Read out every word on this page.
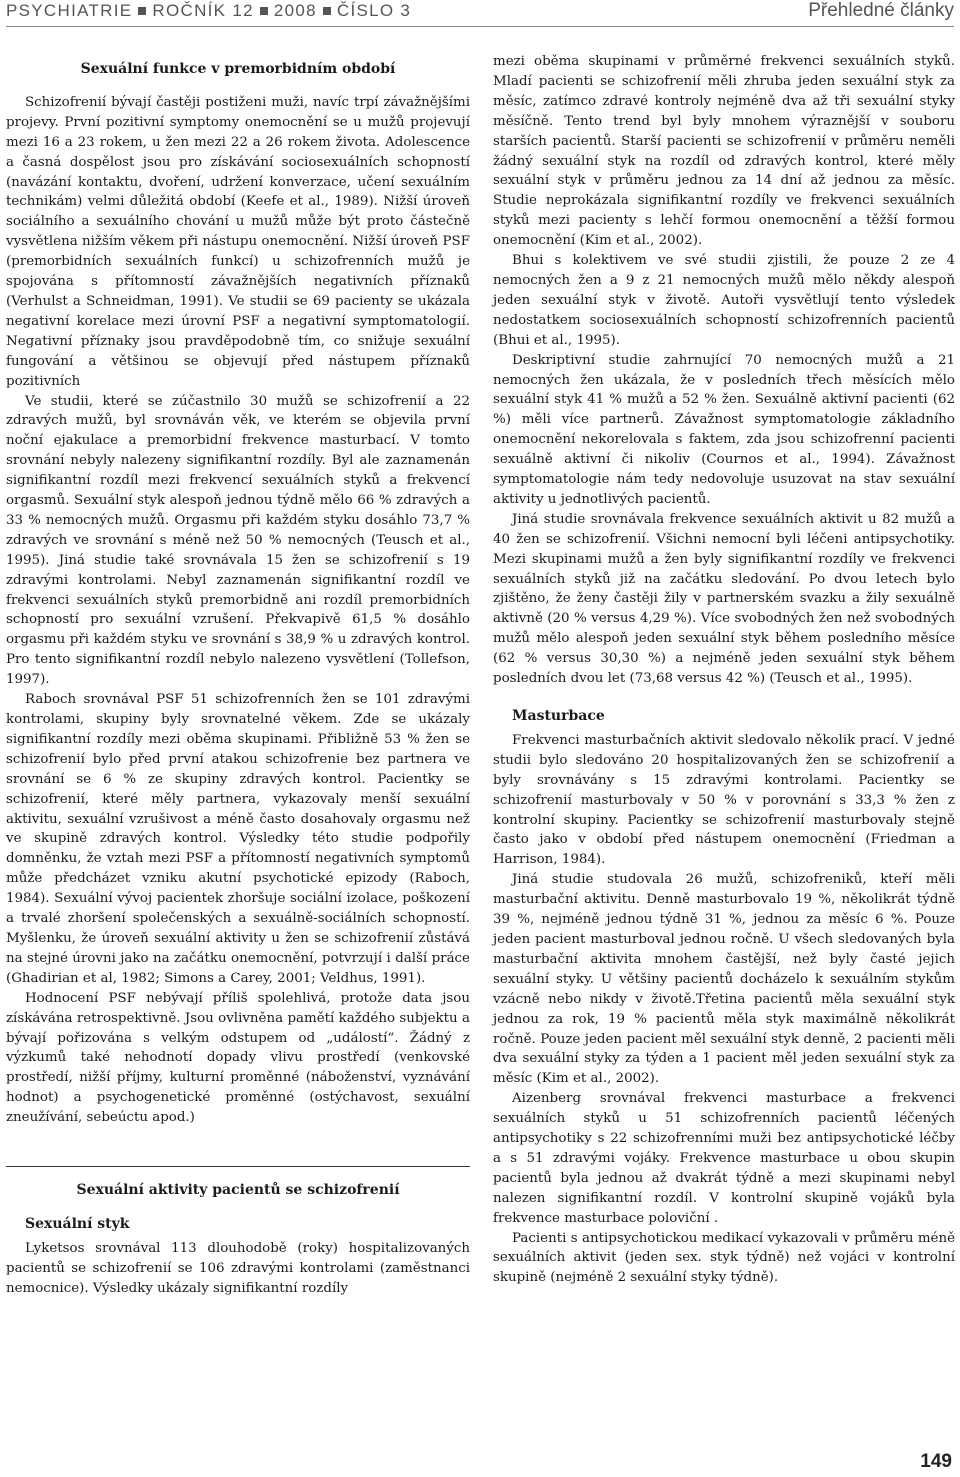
PSYCHIATRIE ROČNÍK 12 2008 ČÍSLO 3	Přehledné články
Sexuální funkce v premorbidním období

Schizofrenií bývají častěji postiženi muži, navíc trpí závažnějšími projevy. První pozitivní symptomy onemocnění se u mužů projevují mezi 16 a 23 rokem, u žen mezi 22 a 26 rokem života. Adolescence a časná dospělost jsou pro získávání sociosexuálních schopností (navázání kontaktu, dvoření, udržení konverzace, učení sexuálním technikám) velmi důležitá období (Keefe et al., 1989). Nižší úroveň sociálního a sexuálního chování u mužů může být proto částečně vysvětlena nižším věkem při nástupu onemocnění. Nižší úroveň PSF (premorbidních sexuálních funkcí) u schizofrenních mužů je spojována s přítomností závažnějších negativních příznaků (Verhulst a Schneidman, 1991). Ve studii se 69 pacienty se ukázala negativní korelace mezi úrovní PSF a negativní symptomatologií. Negativní příznaky jsou pravděpodobně tím, co snižuje sexuální fungování a většinou se objevují před nástupem příznaků pozitivních

Ve studii, které se zúčastnilo 30 mužů se schizofrenií a 22 zdravých mužů, byl srovnáván věk, ve kterém se objevila první noční ejakulace a premorbidní frekvence masturbací. V tomto srovnání nebyly nalezeny signifikantní rozdíly. Byl ale zaznamenán signifikantní rozdíl mezi frekvencí sexuálních styků a frekvencí orgasmů. Sexuální styk alespoň jednou týdně mělo 66 % zdravých a 33 % nemocných mužů. Orgasmu při každém styku dosáhlo 73,7 % zdravých ve srovnání s méně než 50 % nemocných (Teusch et al., 1995). Jiná studie také srovnávala 15 žen se schizofrenií s 19 zdravými kontrolami. Nebyl zaznamenán signifikantní rozdíl ve frekvenci sexuálních styků premorbidně ani rozdíl premorbidních schopností pro sexuální vzrušení. Překvapivě 61,5 % dosáhlo orgasmu při každém styku ve srovnání s 38,9 % u zdravých kontrol. Pro tento signifikantní rozdíl nebylo nalezeno vysvětlení (Tollefson, 1997).

Raboch srovnával PSF 51 schizofrenních žen se 101 zdravými kontrolami, skupiny byly srovnatelné věkem. Zde se ukázaly signifikantní rozdíly mezi oběma skupinami. Přibližně 53 % žen se schizofrenií bylo před první atakou schizofrenie bez partnera ve srovnání se 6 % ze skupiny zdravých kontrol. Pacientky se schizofrenií, které měly partnera, vykazovaly menší sexuální aktivitu, sexuální vzrušivost a méně často dosahovaly orgasmu než ve skupině zdravých kontrol. Výsledky této studie podpořily domněnku, že vztah mezi PSF a přítomností negativních symptomů může předcházet vzniku akutní psychotické epizody (Raboch, 1984). Sexuální vývoj pacientek zhoršuje sociální izolace, poškození a trvalé zhoršení společenských a sexuálně-sociálních schopností. Myšlenku, že úroveň sexuální aktivity u žen se schizofrenií zůstává na stejné úrovni jako na začátku onemocnění, potvrzují i další práce (Ghadirian et al, 1982; Simons a Carey, 2001; Veldhus, 1991).

Hodnocení PSF nebývají příliš spolehlivá, protože data jsou získávána retrospektivně. Jsou ovlivněna pamětí každého subjektu a bývají pořizována s velkým odstupem od „událostí“. Žádný z výzkumů také nehodnotí dopady vlivu prostředí (venkovské prostředí, nižší příjmy, kulturní proměnné (náboženství, vyznávání hodnot) a psychogenetické proměnné (ostýchavost, sexuální zneužívání, sebeúctu apod.)

Sexuální aktivity pacientů se schizofrenií
Sexuální styk

Lyketsos srovnával 113 dlouhodobě (roky) hospitalizovaných pacientů se schizofrenií se 106 zdravými kontrolami (zaměstnanci nemocnice). Výsledky ukázaly signifikantní rozdíly

mezi oběma skupinami v průměrné frekvenci sexuálních styků. Mladí pacienti se schizofrenií měli zhruba jeden sexuální styk za měsíc, zatímco zdravé kontroly nejméně dva až tři sexuální styky měsíčně. Tento trend byl byly mnohem výraznější v souboru starších pacientů. Starší pacienti se schizofrenií v průměru neměli žádný sexuální styk na rozdíl od zdravých kontrol, které měly sexuální styk v průměru jednou za 14 dní až jednou za měsíc. Studie neprokázala signifikantní rozdíly ve frekvenci sexuálních styků mezi pacienty s lehčí formou onemocnění a těžší formou onemocnění (Kim et al., 2002).

Bhui s kolektivem ve své studii zjistili, že pouze 2 ze 4 nemocných žen a 9 z 21 nemocných mužů mělo někdy alespoň jeden sexuální styk v životě. Autoři vysvětlují tento výsledek nedostatkem sociosexuálních schopností schizofrenních pacientů (Bhui et al., 1995).

Deskriptivní studie zahrnující 70 nemocných mužů a 21 nemocných žen ukázala, že v posledních třech měsících mělo sexuální styk 41 % mužů a 52 % žen. Sexuálně aktivní pacienti (62 %) měli více partnerů. Závažnost symptomatologie základního onemocnění nekorelovala s faktem, zda jsou schizofrenní pacienti sexuálně aktivní či nikoliv (Cournos et al., 1994). Závažnost symptomatologie nám tedy nedovoluje usuzovat na stav sexuální aktivity u jednotlivých pacientů.

Jiná studie srovnávala frekvence sexuálních aktivit u 82 mužů a 40 žen se schizofrenií. Všichni nemocní byli léčeni antipsychotiky. Mezi skupinami mužů a žen byly signifikantní rozdíly ve frekvenci sexuálních styků již na začátku sledování. Po dvou letech bylo zjištěno, že ženy častěji žily v partnerském svazku a žily sexuálně aktivně (20 % versus 4,29 %). Více svobodných žen než svobodných mužů mělo alespoň jeden sexuální styk během posledního měsíce (62 % versus 30,30 %) a nejméně jeden sexuální styk během posledních dvou let (73,68 versus 42 %) (Teusch et al., 1995).

Masturbace

Frekvenci masturbačních aktivit sledovalo několik prací. V jedné studii bylo sledováno 20 hospitalizovaných žen se schizofrenií a byly srovnávány s 15 zdravými kontrolami. Pacientky se schizofrenií masturbovaly v 50 % v porovnání s 33,3 % žen z kontrolní skupiny. Pacientky se schizofrenií masturbovaly stejně často jako v období před nástupem onemocnění (Friedman a Harrison, 1984).

Jiná studie studovala 26 mužů, schizofreniků, kteří měli masturbační aktivitu. Denně masturbovalo 19 %, několikrát týdně 39 %, nejméně jednou týdně 31 %, jednou za měsíc 6 %. Pouze jeden pacient masturboval jednou ročně. U všech sledovaných byla masturbační aktivita mnohem častější, než byly časté jejich sexuální styky. U většiny pacientů docházelo k sexuálním stykům vzácně nebo nikdy v životě.Třetina pacientů měla sexuální styk jednou za rok, 19 % pacientů měla styk maximálně několikrát ročně. Pouze jeden pacient měl sexuální styk denně, 2 pacienti měli dva sexuální styky za týden a 1 pacient měl jeden sexuální styk za měsíc (Kim et al., 2002).

Aizenberg srovnával frekvenci masturbace a frekvenci sexuálních styků u 51 schizofrenních pacientů léčených antipsychotiky s 22 schizofrenními muži bez antipsychotické léčby a s 51 zdravými vojáky. Frekvence masturbace u obou skupin pacientů byla jednou až dvakrát týdně a mezi skupinami nebyl nalezen signifikantní rozdíl. V kontrolní skupině vojáků byla frekvence masturbace poloviční .

Pacienti s antipsychotickou medikací vykazovali v průměru méně sexuálních aktivit (jeden sex. styk týdně) než vojáci v kontrolní skupině (nejméně 2 sexuální styky týdně).

149
